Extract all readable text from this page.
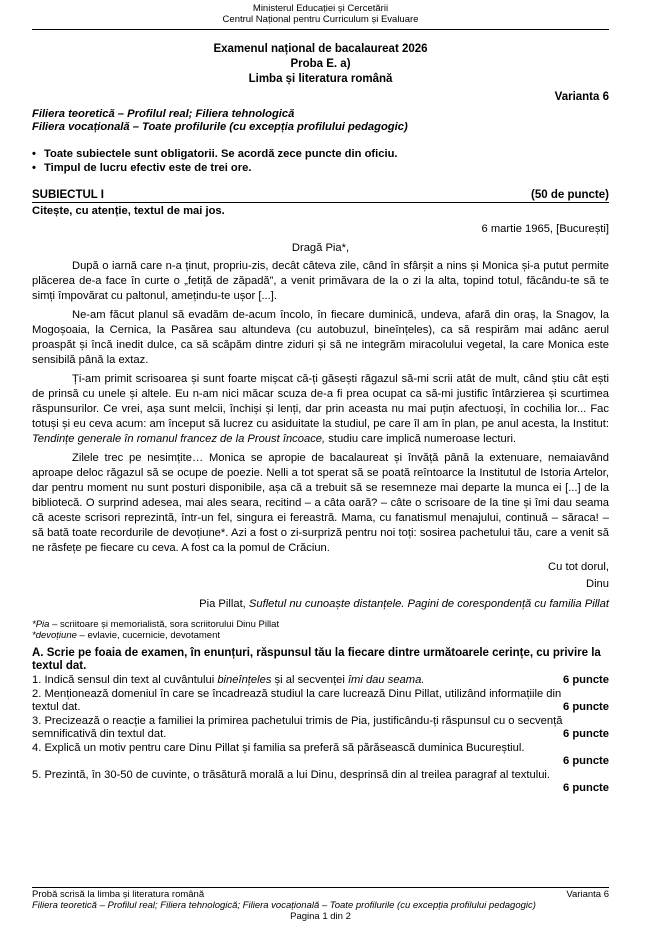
Ministerul Educației și Cercetării
Centrul Național pentru Curriculum și Evaluare
Examenul național de bacalaureat 2026
Proba E. a)
Limba și literatura română
Varianta 6
Filiera teoretică – Profilul real; Filiera tehnologică
Filiera vocațională – Toate profilurile (cu excepția profilului pedagogic)
• Toate subiectele sunt obligatorii. Se acordă zece puncte din oficiu.
• Timpul de lucru efectiv este de trei ore.
SUBIECTUL I	(50 de puncte)
Citește, cu atenție, textul de mai jos.
6 martie 1965, [București]
Dragă Pia*,
După o iarnă care n-a ținut, propriu-zis, decât câteva zile, când în sfârșit a nins și Monica și-a putut permite plăcerea de-a face în curte o „fetiță de zăpadă”, a venit primăvara de la o zi la alta, topind totul, făcându-te să te simți împovărat cu paltonul, amețindu-te ușor [...].
Ne-am făcut planul să evadăm de-acum încolo, în fiecare duminică, undeva, afară din oraș, la Snagov, la Mogoșoaia, la Cernica, la Pasărea sau altundeva (cu autobuzul, bineînțeles), ca să respirăm mai adânc aerul proaspăt și încă inedit dulce, ca să scăpăm dintre ziduri și să ne integrăm miracolului vegetal, la care Monica este sensibilă până la extaz.
Ți-am primit scrisoarea și sunt foarte mișcat că-ți găsești răgazul să-mi scrii atât de mult, când știu cât ești de prinsă cu unele și altele. Eu n-am nici măcar scuza de-a fi prea ocupat ca să-mi justific întârzierea și scurtimea răspunsurilor. Ce vrei, așa sunt melcii, închiși și lenți, dar prin aceasta nu mai puțin afectuoși, în cochilia lor... Fac totuși și eu ceva acum: am început să lucrez cu asiduitate la studiul, pe care îl am în plan, pe anul acesta, la Institut: Tendințe generale în romanul francez de la Proust încoace, studiu care implică numeroase lecturi.
Zilele trec pe nesimțite… Monica se apropie de bacalaureat și învăță până la extenuare, nemaiavând aproape deloc răgazul să se ocupe de poezie. Nelli a tot sperat să se poată reîntoarce la Institutul de Istoria Artelor, dar pentru moment nu sunt posturi disponibile, așa că a trebuit să se resemneze mai departe la munca ei [...] de la bibliotecă. O surprind adesea, mai ales seara, recitind – a câta oară? – câte o scrisoare de la tine și îmi dau seama că aceste scrisori reprezintă, într-un fel, singura ei fereastră. Mama, cu fanatismul menajului, continuă – săraca! – să bată toate recordurile de devoțiune*. Azi a fost o zi-surpriză pentru noi toți: sosirea pachetului tău, care a venit să ne răsfețe pe fiecare cu ceva. A fost ca la pomul de Crăciun.
Cu tot dorul,
Dinu
Pia Pillat, Sufletul nu cunoaște distanțele. Pagini de corespondență cu familia Pillat
*Pia – scriitoare și memorialistă, sora scriitorului Dinu Pillat
*devoțiune – evlavie, cucernicie, devotament
A. Scrie pe foaia de examen, în enunțuri, răspunsul tău la fiecare dintre următoarele cerințe, cu privire la textul dat.
6 puncte
1. Indică sensul din text al cuvântului bineînțeles și al secvenței îmi dau seama.
6 puncte
2. Menționează domeniul în care se încadrează studiul la care lucrează Dinu Pillat, utilizând informațiile din textul dat.
6 puncte
3. Precizează o reacție a familiei la primirea pachetului trimis de Pia, justificându-ți răspunsul cu o secvență semnificativă din textul dat.
4. Explică un motiv pentru care Dinu Pillat și familia sa preferă să părăsească duminica Bucureștiul.
6 puncte
5. Prezintă, în 30-50 de cuvinte, o trăsătură morală a lui Dinu, desprinsă din al treilea paragraf al textului.
6 puncte
Probă scrisă la limba și literatura română	Varianta 6
Filiera teoretică – Profilul real; Filiera tehnologică; Filiera vocațională – Toate profilurile (cu excepția profilului pedagogic)
Pagina 1 din 2
